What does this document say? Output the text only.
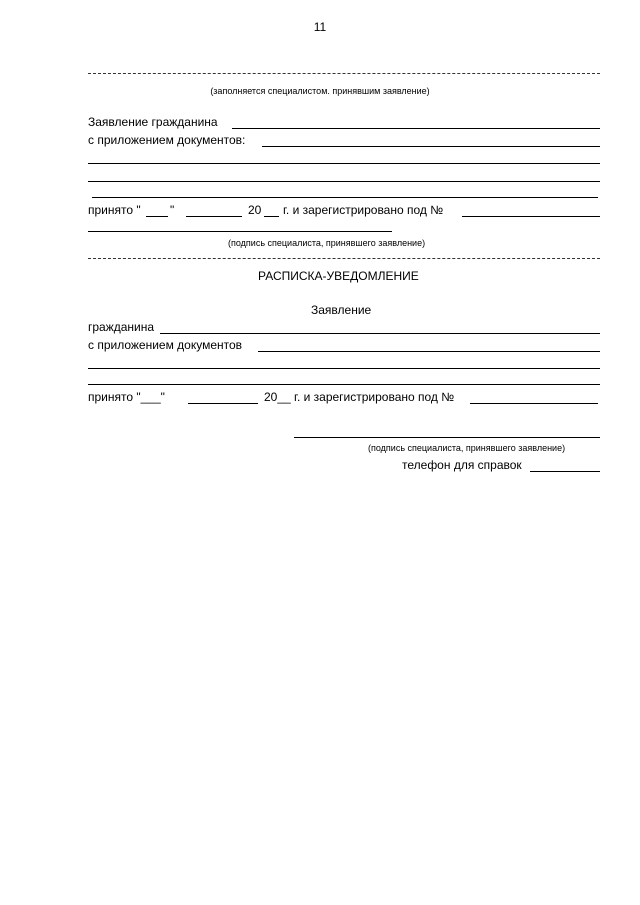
11
(заполняется специалистом. принявшим заявление)
Заявление гражданина
с приложением документов:
принято " "	20 г. и зарегистрировано под №
(подпись специалиста, принявшего заявление)
РАСПИСКА-УВЕДОМЛЕНИЕ
Заявление
гражданина
с приложением документов
принято "___"	20__ г. и зарегистрировано под №
(подпись специалиста, принявшего заявление)
телефон для справок
